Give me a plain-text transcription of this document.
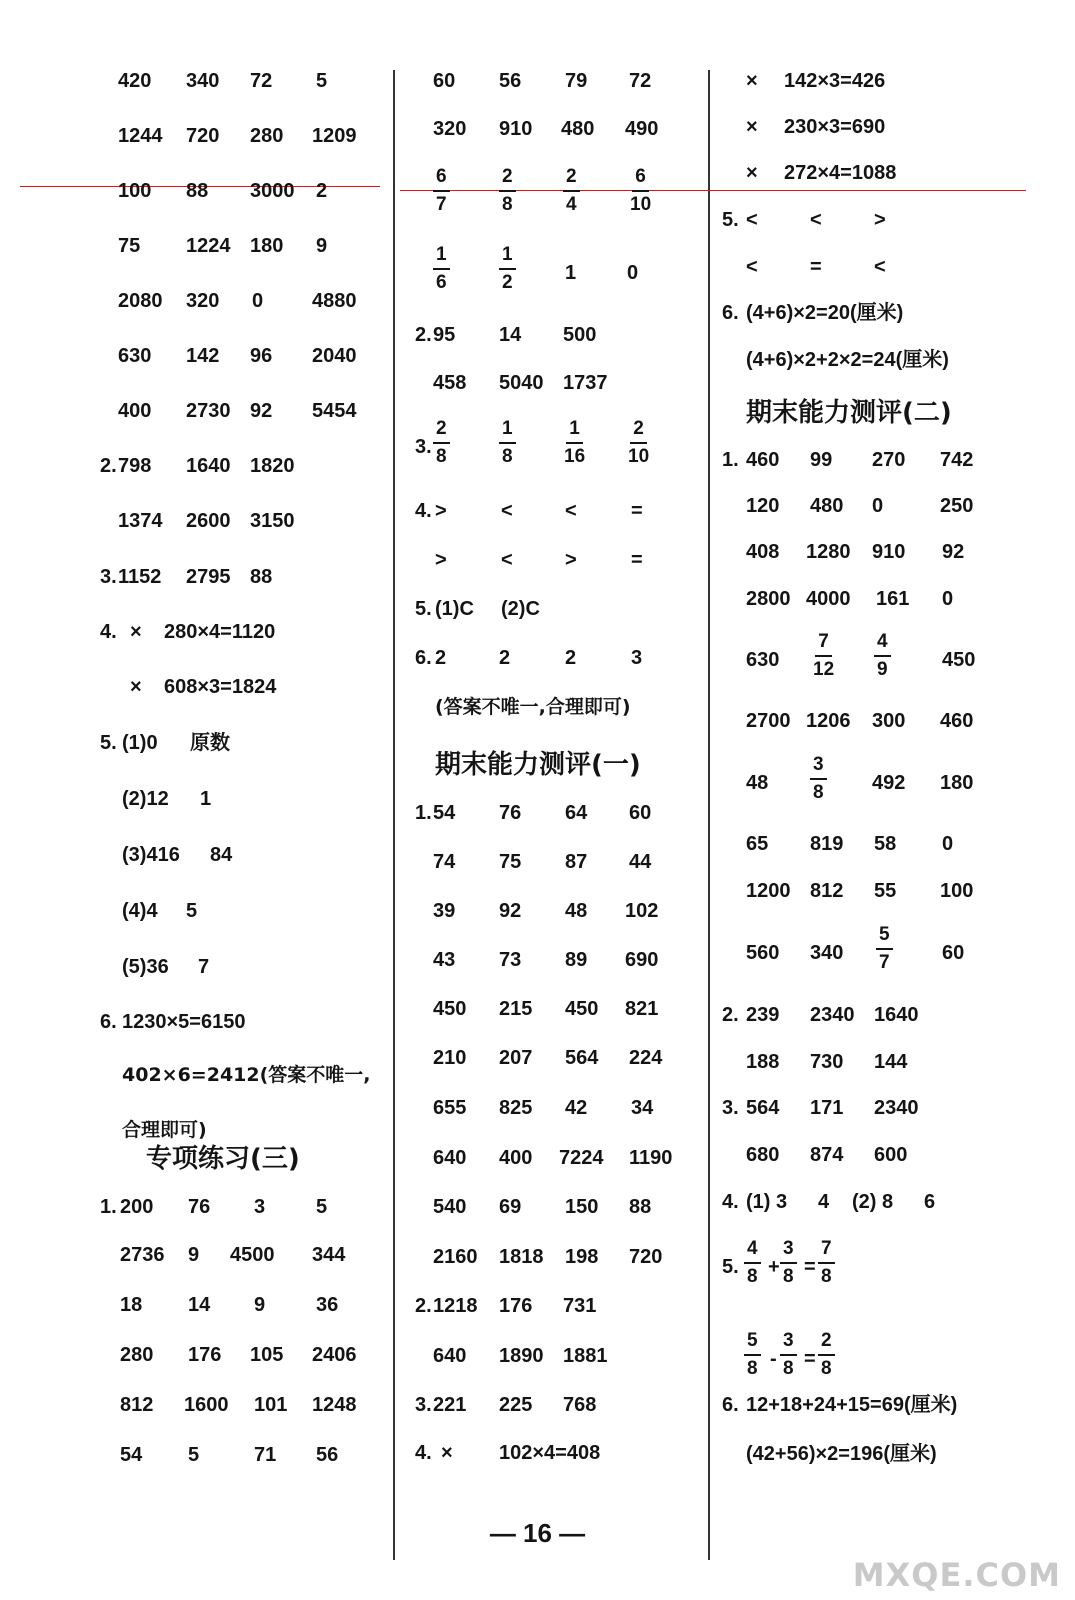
420 340 72 5
1244 720 280 1209
100 88 3000 2
75 1224 180 9
2080 320 0 4880
630 142 96 2040
400 2730 92 5454
2. 798 1640 1820
1374 2600 3150
3. 1152 2795 88
4. × 280×4=1120
× 608×3=1824
5. (1)0 原数
(2)12 1
(3)416 84
(4)4 5
(5)36 7
6. 1230×5=6150
402×6=2412(答案不唯一,
合理即可)
专项练习(三)
1. 200 76 3	5
2736 9 4500 344
18 14 9	36
280 176 105 2406
812 1600 101 1248
54 5	71 56
60 56 79 72
320 910 480 490
$\frac{6}{7}$	$\frac{2}{8} \frac{2}{4} \frac{6}{10}$
$\frac{1}{6}$	$\frac{1}{2} 1$	0
2. 95 14 500
458 5040 1737
3. $\frac{2}{8}$	$\frac{1}{8} \frac{1}{16} \frac{2}{10}$
4. >	<	<	=
>	<	>	=
5. (1)C (2)C
6. 2	2	2	3
(答案不唯一,合理即可)
期末能力测评(一)
1. 54 76 64 60
74 75 87 44
39 92 48 102
43 73 89 690
450 215 450 821
210 207 564 224
655 825 42 34
640 400 7224 1190
540 69 150 88
2160 1818 198 720
2. 1218 176 731
640 1890 1881
3. 221 225 768
4. × 102×4=408
× 142×3=426
× 230×3=690
× 272×4=1088
5. <	<	>
<	=	<
6. (4+6)×2=20(厘米)
(4+6)×2+2×2=24(厘米)
期末能力测评(二)
1. 460 99 270 742
120 480 0	250
408 1280 910 92
2800 4000 161 0
$630 \frac{7}{12} \frac{4}{9}$	450
2700 1206 300 460
$48 \frac{3}{8} 492$ 180
65 819 58 0
1200 812 55 100
560 $340 \frac{5}{7} 60$
2. 239 2340 1640
188 730 144
3. 564 171 2340
680 874 600
4. (1) 3 4 (2) 8 6
5. $\frac{4}{8} + \frac{3}{8} = \frac{7}{8}$
$\frac{5}{8} - \frac{3}{8} = \frac{2}{8}$
6. 12+18+24+15=69(厘米)
(42+56)×2=196(厘米)
— 16 —
MXQE.COM
